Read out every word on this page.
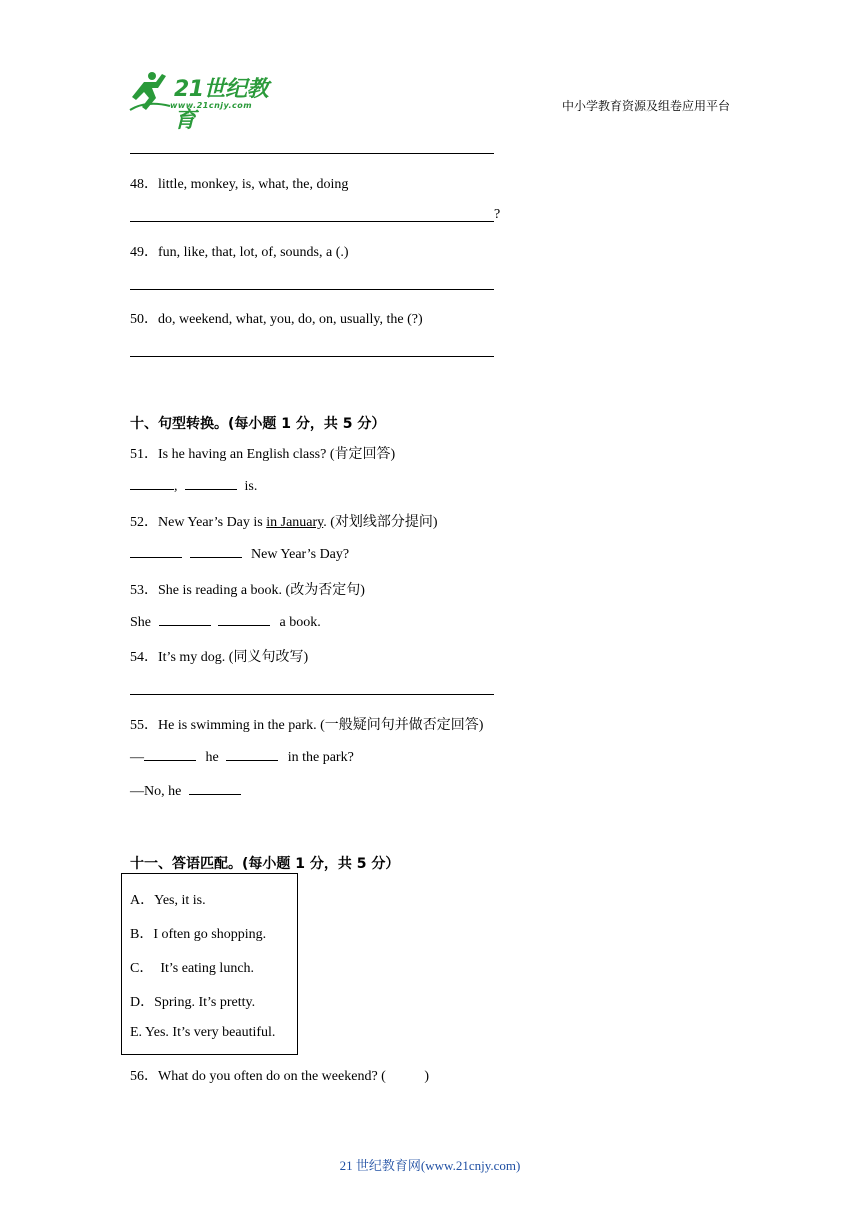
21世纪教育
www.21cnjy.com	中小学教育资源及组卷应用平台
48．little, monkey, is, what, the, doing
?
49．fun, like, that, lot, of, sounds, a (.)
50．do, weekend, what, you, do, on, usually, the (?)
十、句型转换。(每小题 1 分，共 5 分）
51．Is he having an English class? (肯定回答)
,	is.
52．New Year’s Day is in January. (对划线部分提问)
New Year’s Day?
53．She is reading a book. (改为否定句)
She	a book.
54．It’s my dog. (同义句改写)
55．He is swimming in the park. (一般疑问句并做否定回答)
—	he	in the park?
—No, he
十一、答语匹配。(每小题 1 分，共 5 分）
A．Yes, it is.
B．I often go shopping.
C．  It’s eating lunch.
D．Spring. It’s pretty.
E. Yes. It’s very beautiful.
56．What do you often do on the weekend? (           )
21 世纪教育网(www.21cnjy.com)
